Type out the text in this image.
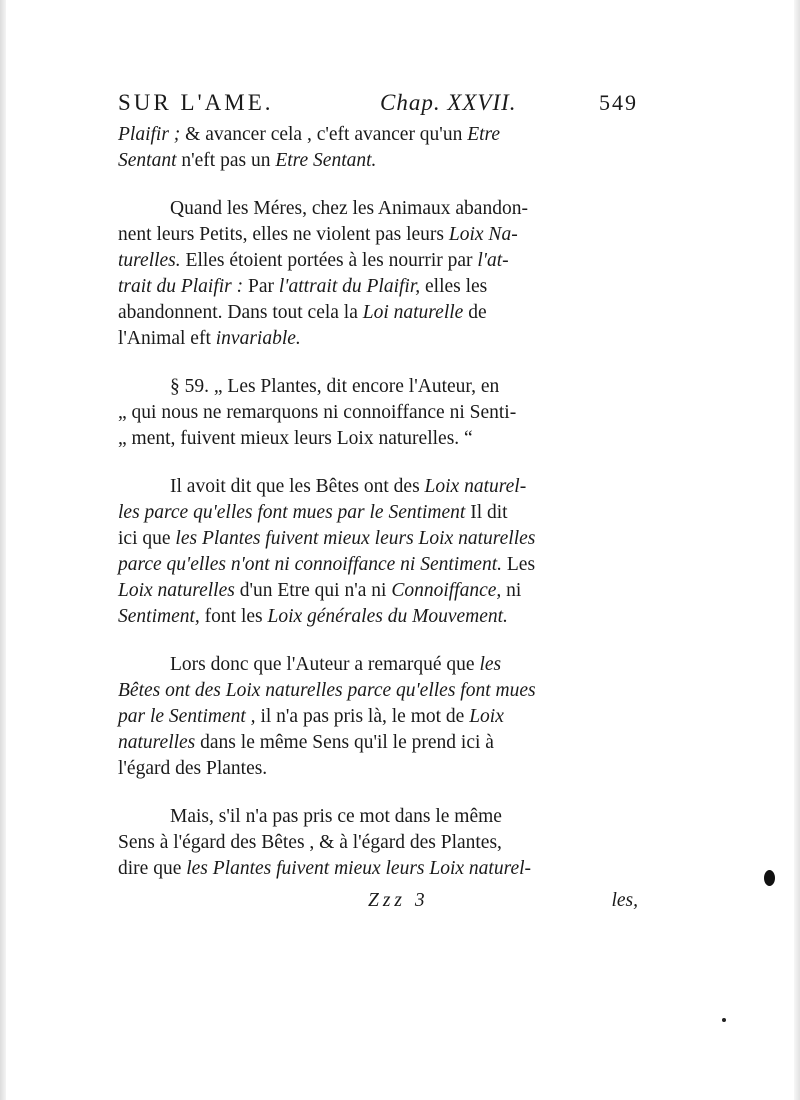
SUR L'AME.	Chap. XXVII.	549

Plaifir ; & avancer cela , c'eft avancer qu'un Etre
Sentant n'eft pas un Etre Sentant.

Quand les Méres, chez les Animaux abandon-
nent leurs Petits, elles ne violent pas leurs Loix Na-
turelles. Elles étoient portées à les nourrir par l'at-
trait du Plaifir : Par l'attrait du Plaifir, elles les
abandonnent. Dans tout cela la Loi naturelle de
l'Animal eft invariable.

§ 59. „ Les Plantes, dit encore l'Auteur, en
„ qui nous ne remarquons ni connoiffance ni Senti-
„ ment, fuivent mieux leurs Loix naturelles. “

Il avoit dit que les Bêtes ont des Loix naturel-
les parce qu'elles font mues par le Sentiment Il dit
ici que les Plantes fuivent mieux leurs Loix naturelles
parce qu'elles n'ont ni connoiffance ni Sentiment. Les
Loix naturelles d'un Etre qui n'a ni Connoiffance, ni
Sentiment, font les Loix générales du Mouvement.

Lors donc que l'Auteur a remarqué que les
Bêtes ont des Loix naturelles parce qu'elles font mues
par le Sentiment , il n'a pas pris là, le mot de Loix
naturelles dans le même Sens qu'il le prend ici à
l'égard des Plantes.

Mais, s'il n'a pas pris ce mot dans le même
Sens à l'égard des Bêtes , & à l'égard des Plantes,
dire que les Plantes fuivent mieux leurs Loix naturel-

Zzz 3	les,
